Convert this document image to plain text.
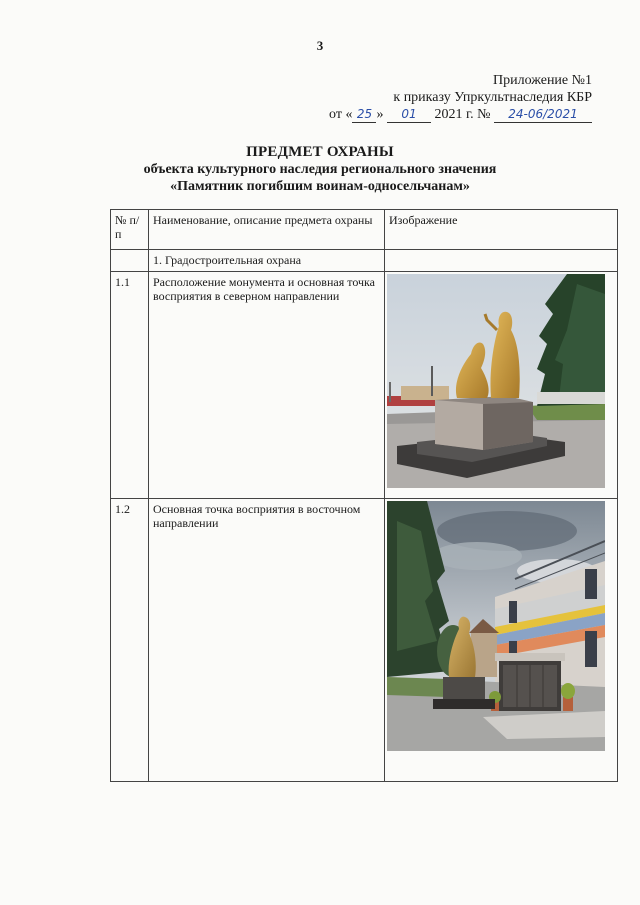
3
Приложение №1
к приказу Упркультнаследия КБР
от « 25 » 01 2021 г. № 24-06/2021
ПРЕДМЕТ ОХРАНЫ
объекта культурного наследия регионального значения
«Памятник погибшим воинам-односельчанам»
№ п/п	Наименование, описание предмета охраны	Изображение
	1. Градостроительная охрана	
1.1	Расположение монумента и основная точка восприятия в северном направлении	

1.2	Основная точка восприятия в восточном направлении	
